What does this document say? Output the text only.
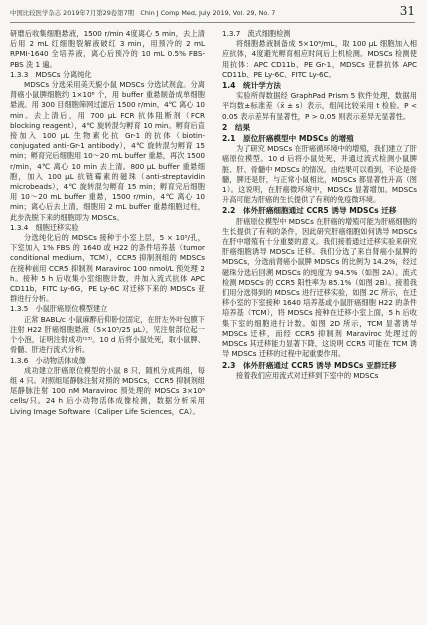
中国比较医学杂志 2019年7月第29卷第7期　Chin J Comp Med, July 2019, Vol. 29, No. 7	31

研磨后收集细胞悬液，1500 r/min 4度离心 5 min，去上清后用 2 mL 红细胞裂解液破红 3 min，用预冷的 2 mL RPMI-1640 全培养液，离心后预冷的 10 mL 0.5% FBS-PBS 洗 1 遍。

1.3.3　MDSCs 分离纯化

MDSCs 分选采用美天旎小鼠 MDSCs 分选试剂盒。分离肾癌小鼠脾细胞约 1×10⁸ 个，用 buffer 重悬制备成单细胞悬液。用 300 目细胞筛网过滤后 1500 r/min，4℃ 离心 10 min。去上清后，用 700 μL FCR 抗体阻断剂（FCR blocking reagent），4℃ 旋转混匀孵育 10 min。孵育后直接加入 100 μL 生物素化抗 Gr-1 的抗体（biotin-conjugated anti-Gr-1 antibody），4℃ 旋转混匀孵育 15 min；孵育完后细胞用 10～20 mL buffer 重悬，再次 1500 r/min，4℃ 离心 10 min 去上清。800 μL buffer 重悬细胞，加入 100 μL 抗链霉素的磁珠（anti-streptavidin microbeads），4℃ 旋转混匀孵育 15 min；孵育完后细胞用 10～20 mL buffer 重悬，1500 r/min，4℃ 离心 10 min；离心后去上清，细胞用 2 mL buffer 重悬细胞过柱，此步洗脱下来的细胞即为 MDSCs。

1.3.4　细胞迁移实验

分选纯化后的 MDSCs 接种于小室上层，5 × 10⁵/孔，下室加入 1% FBS 的 1640 或 H22 的条件培养基（tumor conditional medium，TCM），CCR5 抑制剂组的 MDSCs 在接种前用 CCR5 抑制剂 Maraviroc 100 nmol/L 预处理 2 h。接种 5 h 后收集小室细胞计数，并加入流式抗体 APC CD11b，FITC Ly-6G，PE Ly-6C 对迁移下来的 MDSCs 亚群进行分析。

1.3.5　小鼠肝癌原位模型建立

正常 BABL/c 小鼠麻醉后仰卧位固定，在肝左外叶包膜下注射 H22 肝癌细胞悬液（5×10⁵/25 μL），见注射部位起一个小泡，证明注射成功⁽¹³⁾。10 d 后将小鼠处死，取小鼠脾、骨髓、肝进行流式分析。

1.3.6　小动物活体成像

成功建立肝癌原位模型的小鼠 8 只，随机分成两组，每组 4 只。对照组尾静脉注射对照的 MDSCs，CCR5 抑制剂组尾静脉注射 100 nM Maraviroc 预处理的 MDSCs 3×10⁶ cells/只。24 h 后小动物活体成像检测，数据分析采用 Living Image Software（Caliper Life Sciences，CA）。

1.3.7　流式细胞检测

将细胞悬液制备成 5×10⁶/mL，取 100 μL 细胞加入相应抗体，4度避光孵育相应时间后上机检测。MDSCs 检测使用抗体：APC CD11b、PE Gr-1，MDSCs 亚群抗体 APC CD11b、PE Ly-6C、FITC Ly-6C。

1.4　统计学方法

实验所得数据经 GraphPad Prism 5 软件处理，数据用平均数±标准差（x̄ ± s）表示，组间比较采用 t 检验。P < 0.05 表示差异有显著性，P > 0.05 则表示差异无显著性。

2　结果
2.1　原位肝癌模型中 MDSCs 的增殖

为了研究 MDSCs 在肝癌循环境中的增殖，我们建立了肝癌原位模型。10 d 后将小鼠处死，并通过流式检测小鼠脾脏、肝、骨髓中 MDSCs 的情况。由结果可以看到，不论是骨髓，脾还是肝，与正常小鼠相比，MDSCs 都显著性升高（图 1）。这说明，在肝癌微环境中，MDSCs 显著增加。MDSCs 升高可能为肝癌的生长提供了有利的免疫微环境。

2.2　体外肝癌细胞通过 CCR5 诱导 MDSCs 迁移

肝癌原位模型中 MDSCs 在肝癌的增殖可能为肝癌细胞的生长提供了有利的条件，因此研究肝癌细胞如何诱导 MDSCs 在肝中增殖有十分重要的意义。我们接着通过迁移实验来研究肝癌细胞诱导 MDSCs 迁移。我们分选了来自肾癌小鼠脾的 MDSCs，分选前肾癌小鼠脾 MDSCs 的比例为 14.2%，经过磁珠分选后回溯 MDSCs 的纯度为 94.5%（如图 2A）。流式检测 MDSCs 的 CCR5 阳性率为 85.1%（如图 2B）。接着我们用分选得到的 MDSCs 进行迁移实验，如图 2C 所示，在迁移小室的下室接种 1640 培养基或小鼠肝癌细胞 H22 的条件培养基（TCM），将 MDSCs 接种在迁移小室上面，5 h 后收集下室的细胞进行计数。如图 2D 所示，TCM 显著诱导 MDSCs 迁移，而经 CCR5 抑制剂 Maraviroc 处理过的 MDSCs 其迁移能力显著下降，这说明 CCR5 可能在 TCM 诱导 MDSCs 迁移的过程中起重要作用。

2.3　体外肝癌通过 CCR5 诱导 MDSCs 亚群迁移

接着我们应用流式对迁移到下室中的 MDSCs
